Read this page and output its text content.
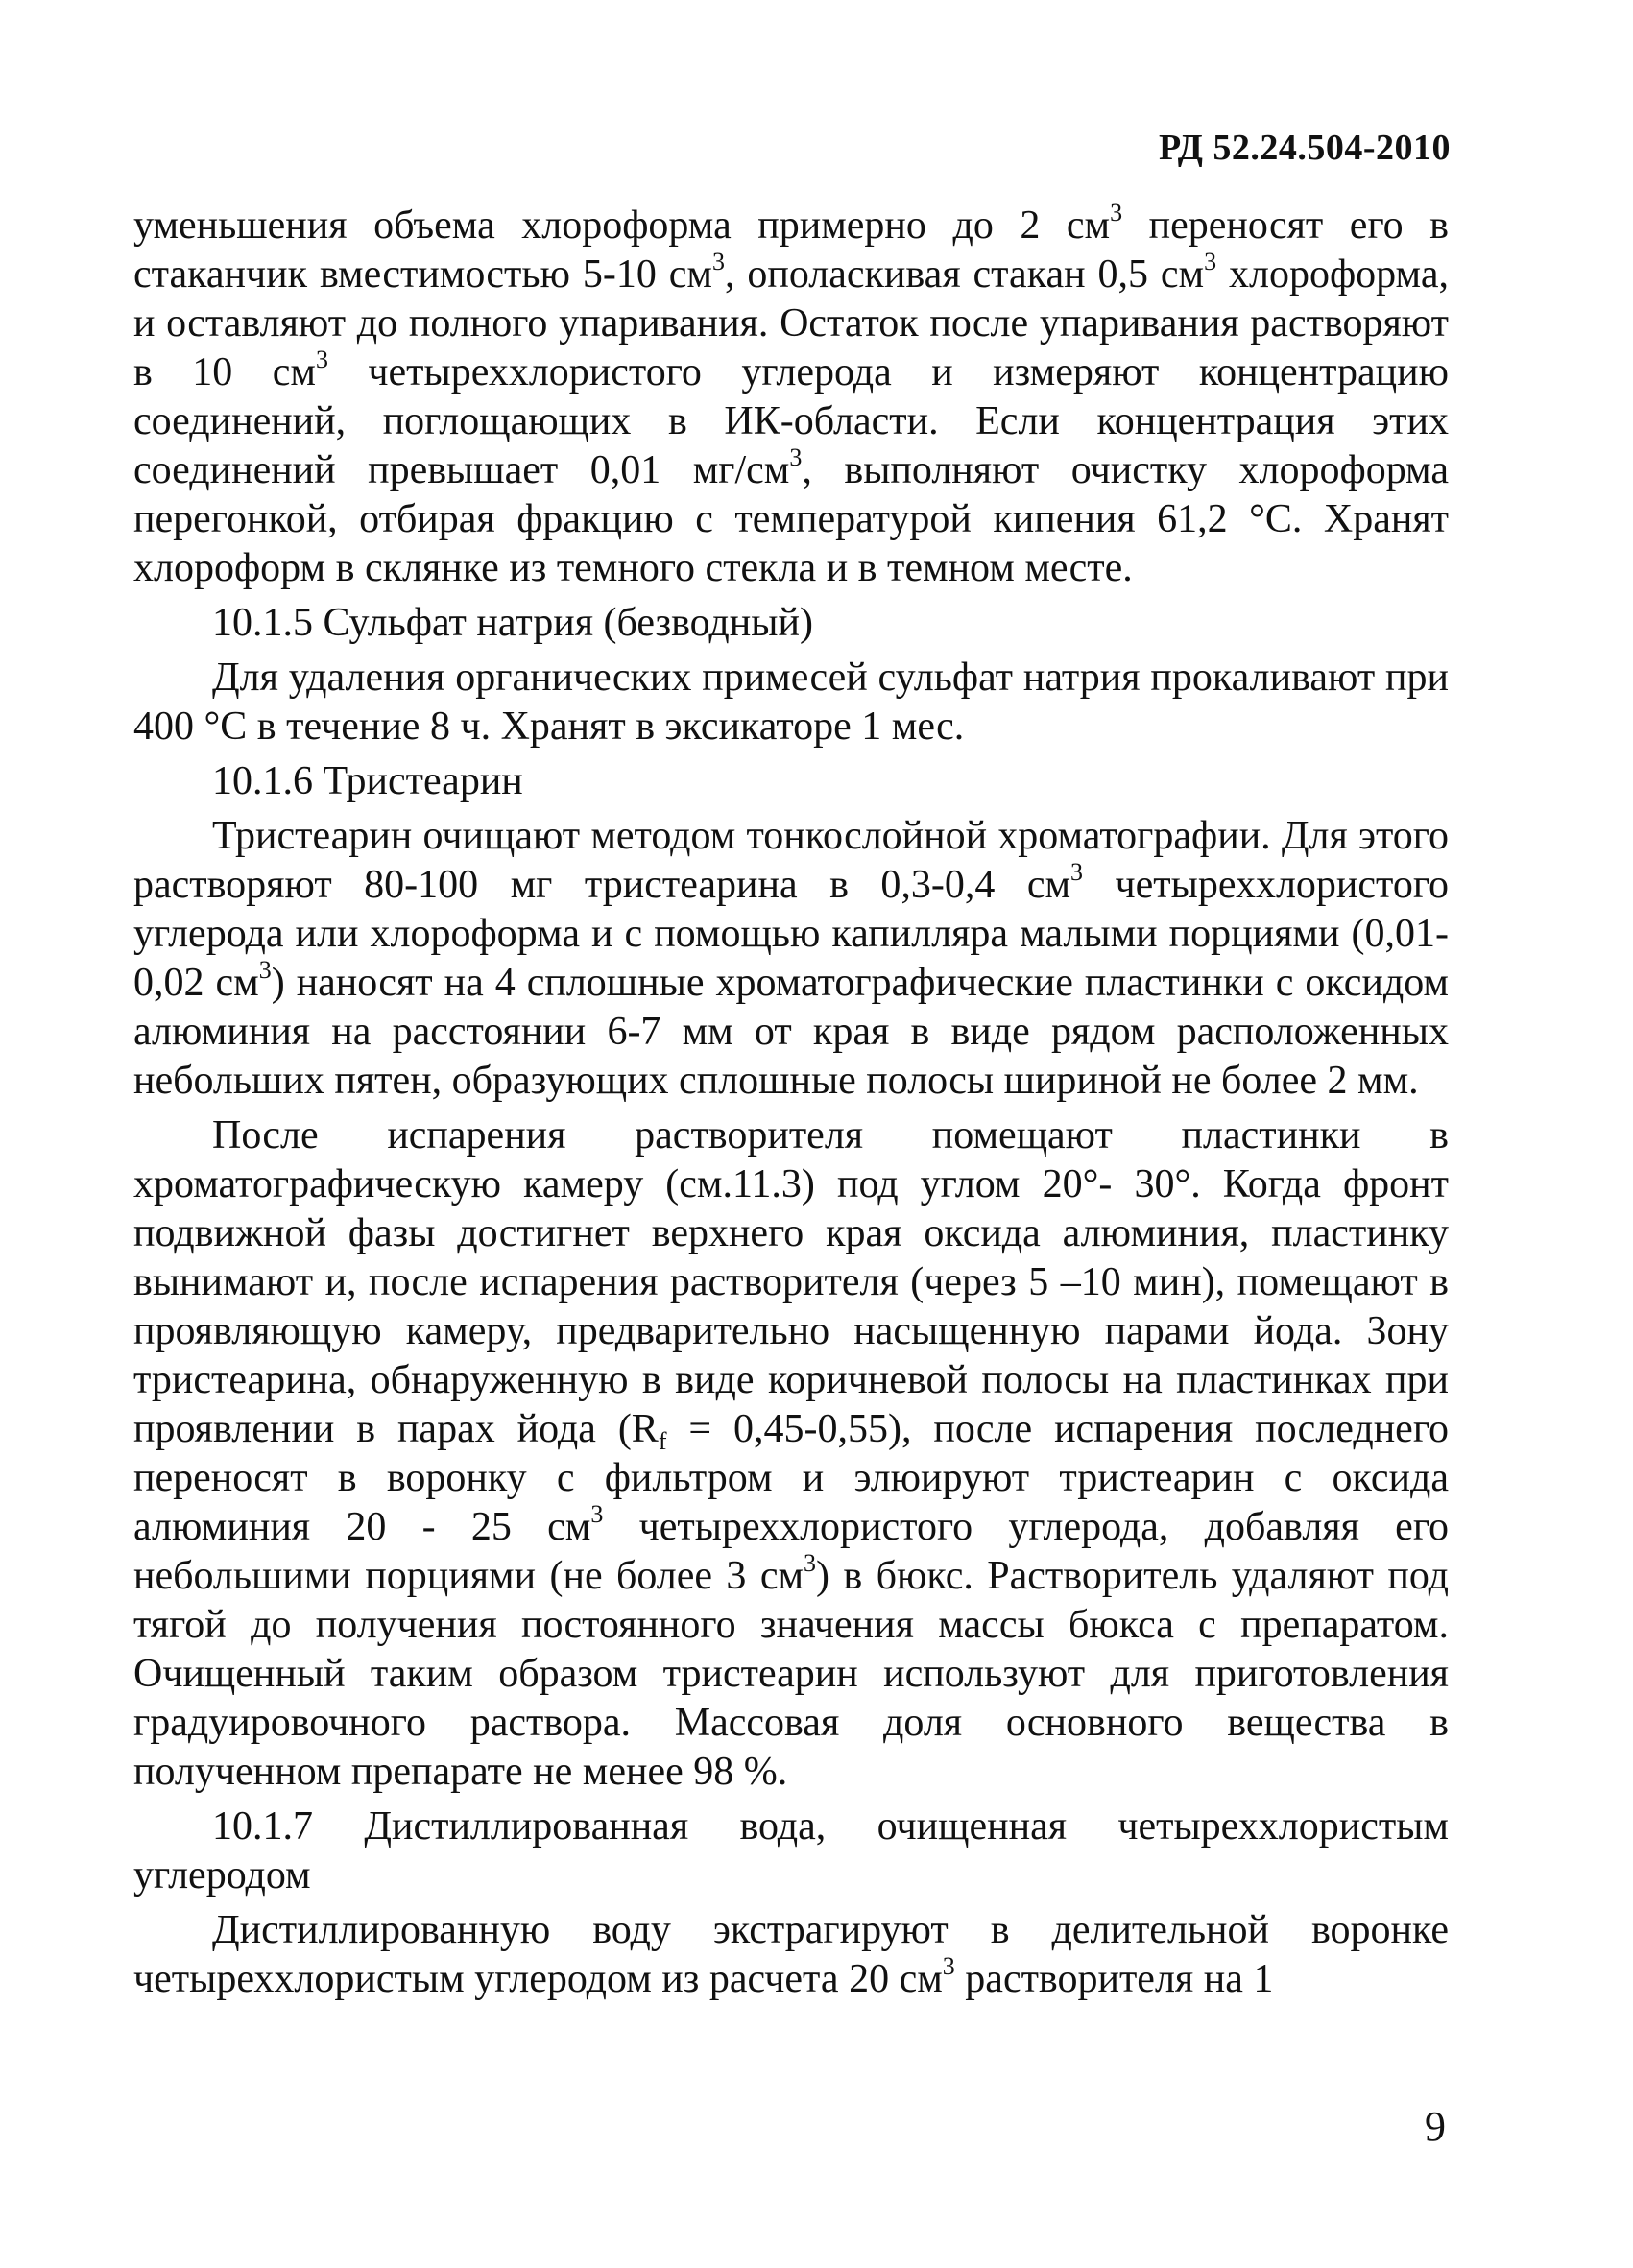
РД 52.24.504-2010

уменьшения объема хлороформа примерно до 2 $см^3$ переносят его в стаканчик вместимостью 5-10 $см^3$, ополаскивая стакан 0,5 $см^3$ хлороформа, и оставляют до полного упаривания. Остаток после упаривания растворяют в 10 $см^3$ четыреххлористого углерода и измеряют концентрацию соединений, поглощающих в ИК-области. Если концентрация этих соединений превышает 0,01 $мг/см^3$, выполняют очистку хлороформа перегонкой, отбирая фракцию с температурой кипения 61,2 °С. Хранят хлороформ в склянке из темного стекла и в темном месте.

10.1.5 Сульфат натрия (безводный)

Для удаления органических примесей сульфат натрия прокаливают при 400 °С в течение 8 ч. Хранят в эксикаторе 1 мес.

10.1.6 Тристеарин

Тристеарин очищают методом тонкослойной хроматографии. Для этого растворяют 80-100 мг тристеарина в 0,3-0,4 $см^3$ четыреххлористого углерода или хлороформа и с помощью капилляра малыми порциями (0,01-0,02 $см^3$) наносят на 4 сплошные хроматографические пластинки с оксидом алюминия на расстоянии 6-7 мм от края в виде рядом расположенных небольших пятен, образующих сплошные полосы шириной не более 2 мм.

После испарения растворителя помещают пластинки в хроматографическую камеру (см.11.3) под углом 20°- 30°. Когда фронт подвижной фазы достигнет верхнего края оксида алюминия, пластинку вынимают и, после испарения растворителя (через 5 –10 мин), помещают в проявляющую камеру, предварительно насыщенную парами йода. Зону тристеарина, обнаруженную в виде коричневой полосы на пластинках при проявлении в парах йода $(R_f = 0,45-0,55)$, после испарения последнего переносят в воронку с фильтром и элюируют тристеарин с оксида алюминия 20 - 25 $см^3$ четыреххлористого углерода, добавляя его небольшими порциями (не более 3 $см^3$) в бюкс. Растворитель удаляют под тягой до получения постоянного значения массы бюкса с препаратом. Очищенный таким образом тристеарин используют для приготовления градуировочного раствора. Массовая доля основного вещества в полученном препарате не менее 98 %.

10.1.7 Дистиллированная вода, очищенная четыреххлористым углеродом

Дистиллированную воду экстрагируют в делительной воронке четыреххлористым углеродом из расчета 20 $см^3$ растворителя на 1

9
